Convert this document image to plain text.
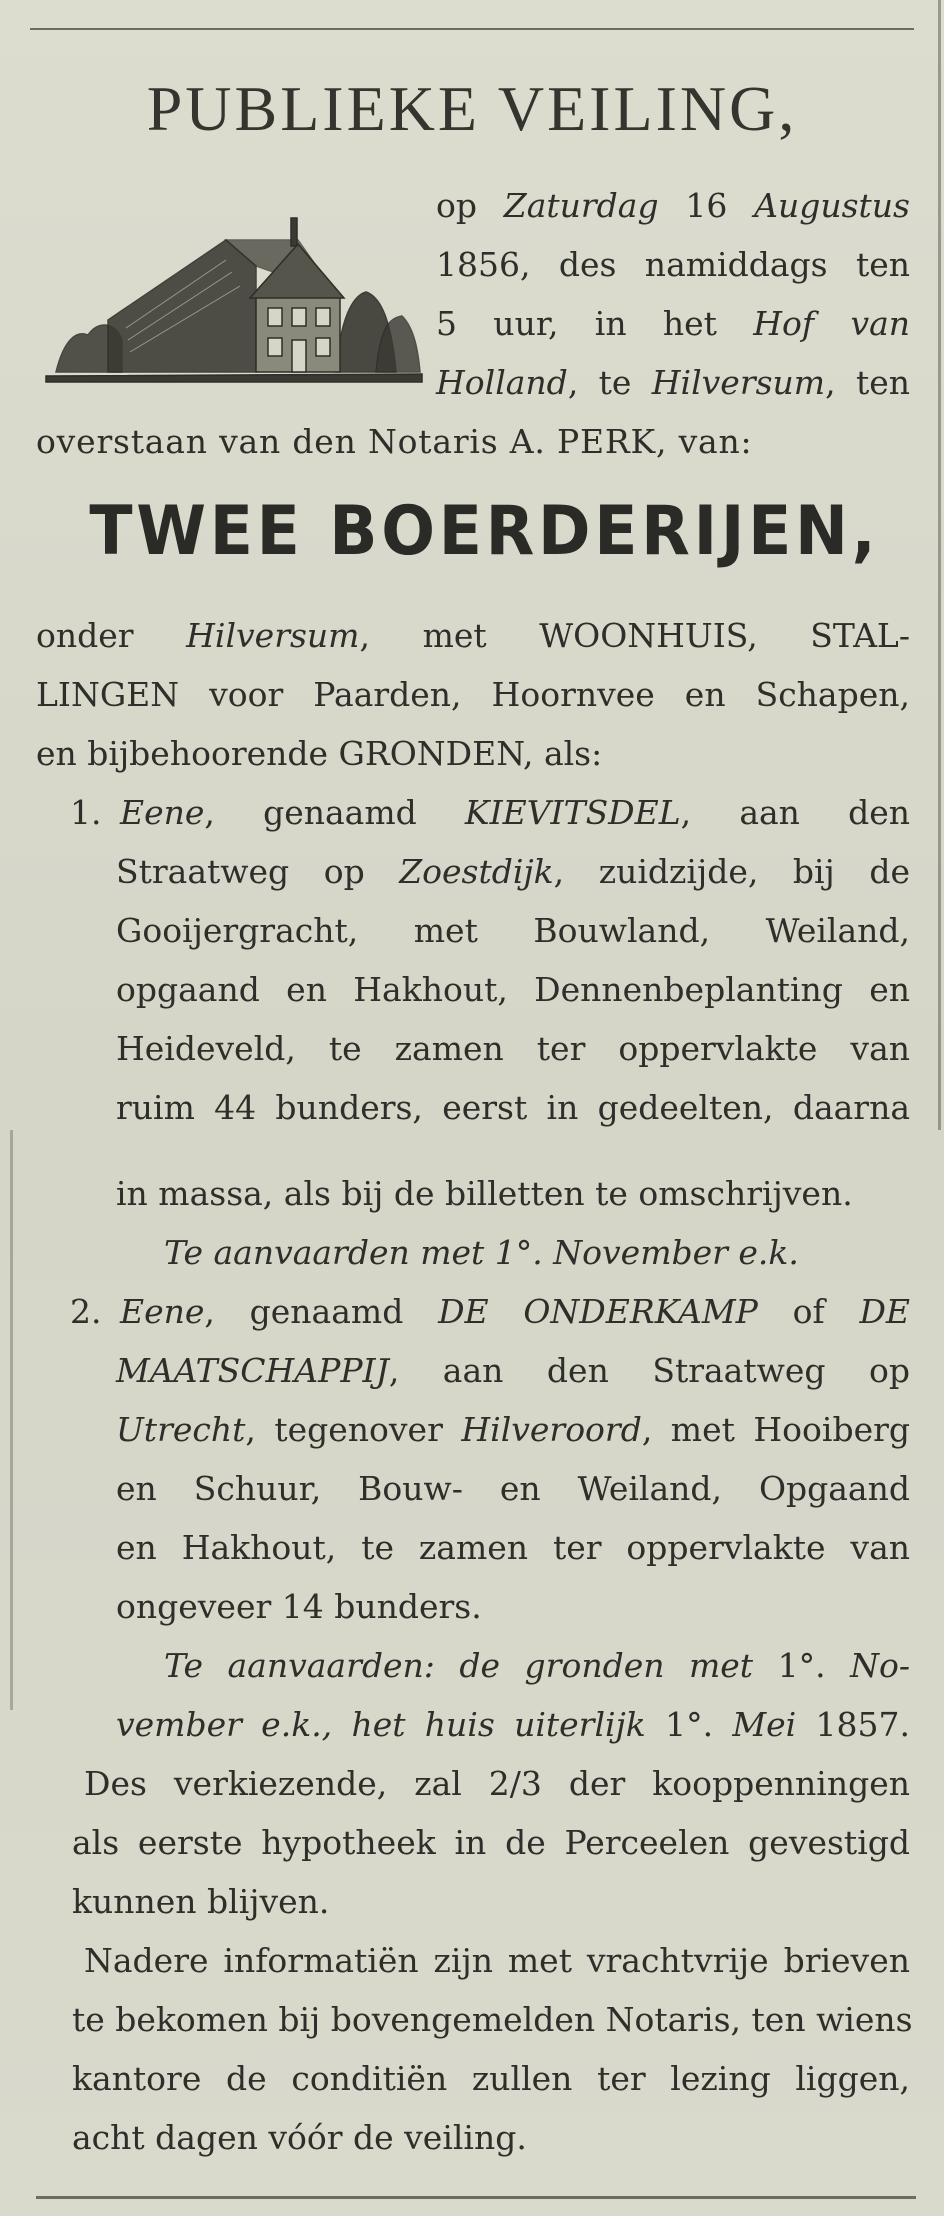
PUBLIEKE VEILING,

op Zaturdag 16 Augustus

1856, des namiddags ten

5 uur, in het Hof van

Holland, te Hilversum, ten

overstaan van den Notaris A. PERK, van:

TWEE BOERDERIJEN,

onder Hilversum, met WOONHUIS, STAL-

LINGEN voor Paarden, Hoornvee en Schapen,

en bijbehoorende GRONDEN, als:

1. Eene, genaamd KIEVITSDEL, aan den

Straatweg op Zoestdijk, zuidzijde, bij de

Gooijergracht, met Bouwland, Weiland,

opgaand en Hakhout, Dennenbeplanting en

Heideveld, te zamen ter oppervlakte van

ruim 44 bunders, eerst in gedeelten, daarna

in massa, als bij de billetten te omschrijven.

Te aanvaarden met 1°. November e.k.

2. Eene, genaamd DE ONDERKAMP of DE

MAATSCHAPPIJ, aan den Straatweg op

Utrecht, tegenover Hilveroord, met Hooiberg

en Schuur, Bouw- en Weiland, Opgaand

en Hakhout, te zamen ter oppervlakte van

ongeveer 14 bunders.

Te aanvaarden: de gronden met 1°. No-

vember e.k., het huis uiterlijk 1°. Mei 1857.

Des verkiezende, zal 2/3 der kooppenningen

als eerste hypotheek in de Perceelen gevestigd

kunnen blijven.

Nadere informatiën zijn met vrachtvrije brieven

te bekomen bij bovengemelden Notaris, ten wiens

kantore de conditiën zullen ter lezing liggen,

acht dagen vóór de veiling.
